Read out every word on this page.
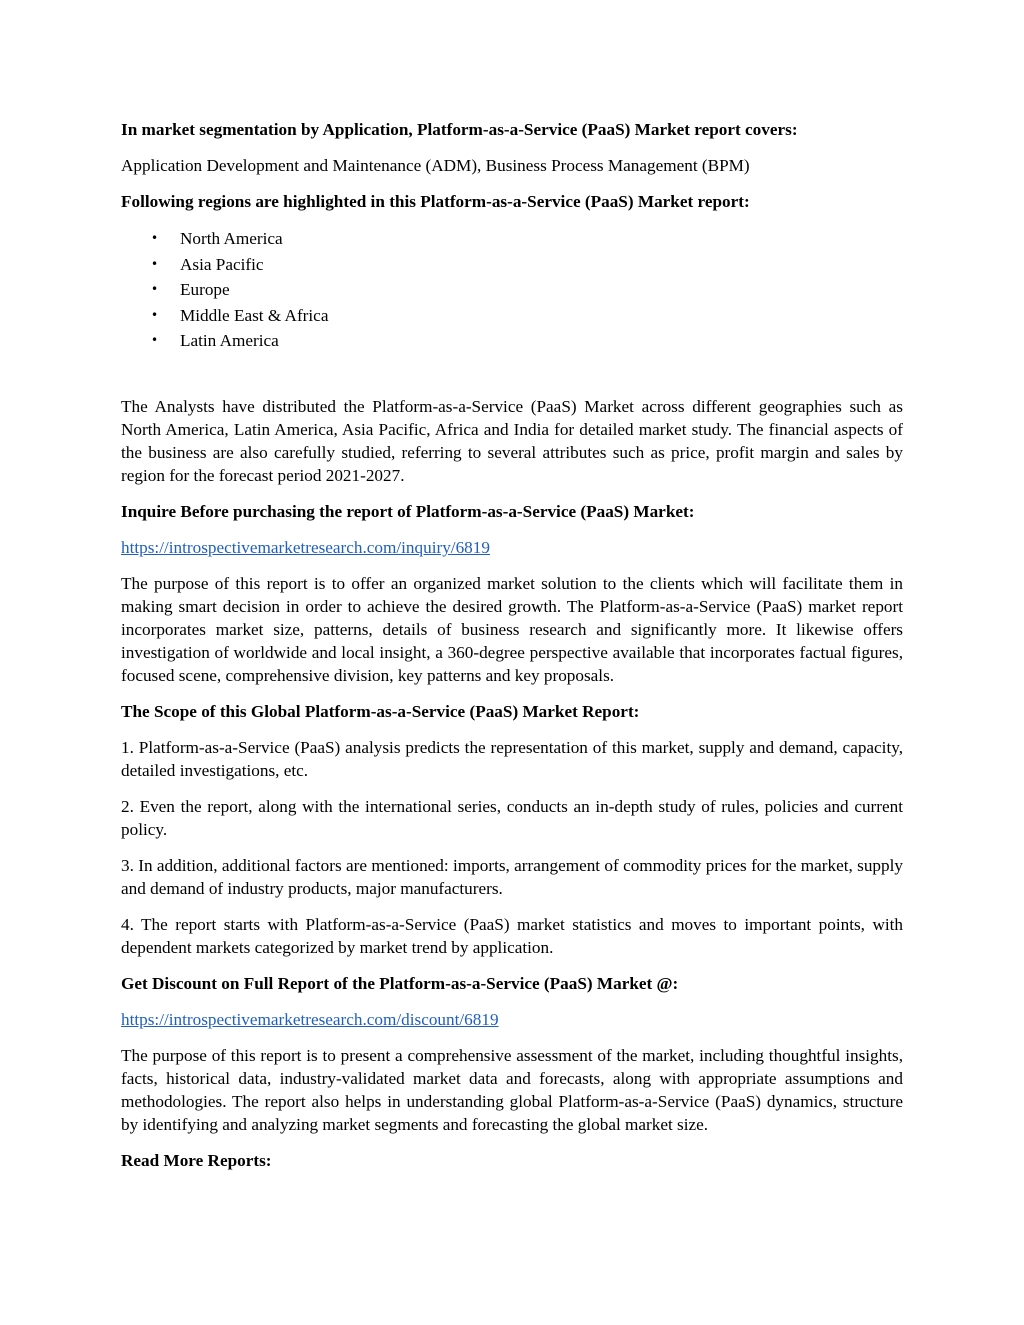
In market segmentation by Application, Platform-as-a-Service (PaaS) Market report covers:
Application Development and Maintenance (ADM), Business Process Management (BPM)
Following regions are highlighted in this Platform-as-a-Service (PaaS) Market report:
• North America
• Asia Pacific
• Europe
• Middle East & Africa
• Latin America
The Analysts have distributed the Platform-as-a-Service (PaaS) Market across different geographies such as North America, Latin America, Asia Pacific, Africa and India for detailed market study. The financial aspects of the business are also carefully studied, referring to several attributes such as price, profit margin and sales by region for the forecast period 2021-2027.
Inquire Before purchasing the report of Platform-as-a-Service (PaaS) Market:
https://introspectivemarketresearch.com/inquiry/6819
The purpose of this report is to offer an organized market solution to the clients which will facilitate them in making smart decision in order to achieve the desired growth. The Platform-as-a-Service (PaaS) market report incorporates market size, patterns, details of business research and significantly more. It likewise offers investigation of worldwide and local insight, a 360-degree perspective available that incorporates factual figures, focused scene, comprehensive division, key patterns and key proposals.
The Scope of this Global Platform-as-a-Service (PaaS) Market Report:
1. Platform-as-a-Service (PaaS) analysis predicts the representation of this market, supply and demand, capacity, detailed investigations, etc.
2. Even the report, along with the international series, conducts an in-depth study of rules, policies and current policy.
3. In addition, additional factors are mentioned: imports, arrangement of commodity prices for the market, supply and demand of industry products, major manufacturers.
4. The report starts with Platform-as-a-Service (PaaS) market statistics and moves to important points, with dependent markets categorized by market trend by application.
Get Discount on Full Report of the Platform-as-a-Service (PaaS) Market @:
https://introspectivemarketresearch.com/discount/6819
The purpose of this report is to present a comprehensive assessment of the market, including thoughtful insights, facts, historical data, industry-validated market data and forecasts, along with appropriate assumptions and methodologies. The report also helps in understanding global Platform-as-a-Service (PaaS) dynamics, structure by identifying and analyzing market segments and forecasting the global market size.
Read More Reports:
